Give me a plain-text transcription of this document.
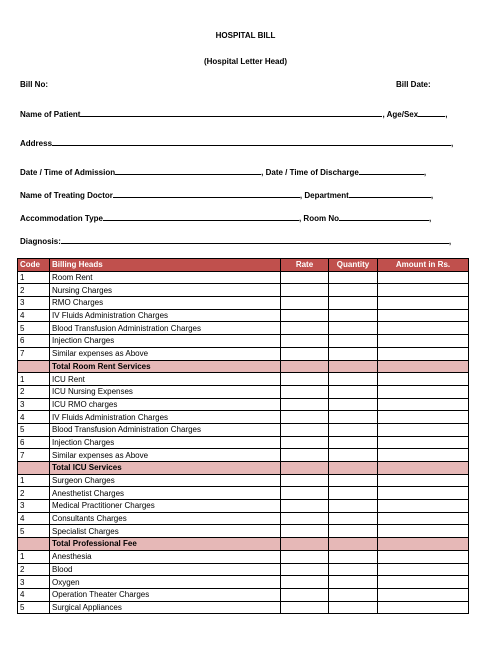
HOSPITAL BILL
(Hospital Letter Head)
Bill No:	Bill Date:
Name of Patient	, Age/Sex	,
Address	,
Date / Time of Admission	, Date / Time of Discharge	,
Name of Treating Doctor	, Department	,
Accommodation Type	, Room No	,
Diagnosis:	,
Code	Billing Heads	Rate	Quantity	Amount in Rs.
1	Room Rent			
2	Nursing Charges			
3	RMO Charges			
4	IV Fluids Administration Charges			
5	Blood Transfusion Administration Charges			
6	Injection Charges			
7	Similar expenses as Above			
	Total Room Rent Services			
1	ICU Rent			
2	ICU Nursing Expenses			
3	ICU RMO charges			
4	IV Fluids Administration Charges			
5	Blood Transfusion Administration Charges			
6	Injection Charges			
7	Similar expenses as Above			
	Total ICU Services			
1	Surgeon Charges			
2	Anesthetist Charges			
3	Medical Practitioner Charges			
4	Consultants Charges			
5	Specialist Charges			
	Total Professional Fee			
1	Anesthesia			
2	Blood			
3	Oxygen			
4	Operation Theater Charges			
5	Surgical Appliances			
